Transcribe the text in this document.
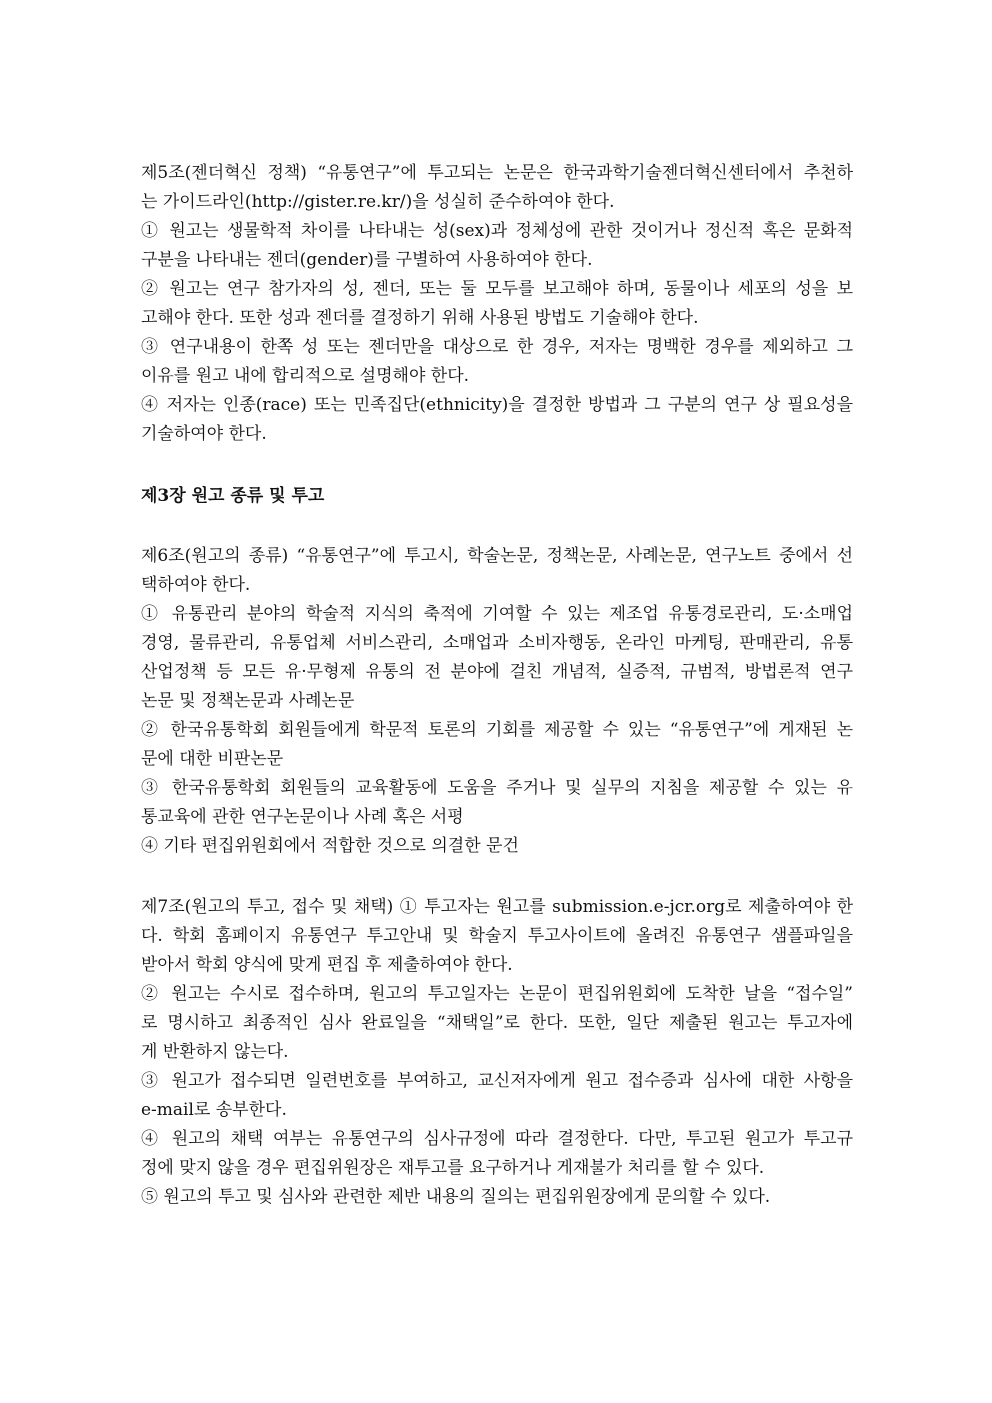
제5조(젠더혁신 정책) “유통연구”에 투고되는 논문은 한국과학기술젠더혁신센터에서 추천하
는 가이드라인(http://gister.re.kr/)을 성실히 준수하여야 한다.
① 원고는 생물학적 차이를 나타내는 성(sex)과 정체성에 관한 것이거나 정신적 혹은 문화적
구분을 나타내는 젠더(gender)를 구별하여 사용하여야 한다.
② 원고는 연구 참가자의 성, 젠더, 또는 둘 모두를 보고해야 하며, 동물이나 세포의 성을 보
고해야 한다. 또한 성과 젠더를 결정하기 위해 사용된 방법도 기술해야 한다.
③ 연구내용이 한쪽 성 또는 젠더만을 대상으로 한 경우, 저자는 명백한 경우를 제외하고 그
이유를 원고 내에 합리적으로 설명해야 한다.
④ 저자는 인종(race) 또는 민족집단(ethnicity)을 결정한 방법과 그 구분의 연구 상 필요성을
기술하여야 한다.
제3장 원고 종류 및 투고
제6조(원고의 종류) “유통연구”에 투고시, 학술논문, 정책논문, 사례논문, 연구노트 중에서 선
택하여야 한다.
① 유통관리 분야의 학술적 지식의 축적에 기여할 수 있는 제조업 유통경로관리, 도·소매업
경영, 물류관리, 유통업체 서비스관리, 소매업과 소비자행동, 온라인 마케팅, 판매관리, 유통
산업정책 등 모든 유·무형제 유통의 전 분야에 걸친 개념적, 실증적, 규범적, 방법론적 연구
논문 및 정책논문과 사례논문
② 한국유통학회 회원들에게 학문적 토론의 기회를 제공할 수 있는 “유통연구”에 게재된 논
문에 대한 비판논문
③ 한국유통학회 회원들의 교육활동에 도움을 주거나 및 실무의 지침을 제공할 수 있는 유
통교육에 관한 연구논문이나 사례 혹은 서평
④ 기타 편집위원회에서 적합한 것으로 의결한 문건
제7조(원고의 투고, 접수 및 채택) ① 투고자는 원고를 submission.e-jcr.org로 제출하여야 한
다. 학회 홈페이지 유통연구 투고안내 및 학술지 투고사이트에 올려진 유통연구 샘플파일을
받아서 학회 양식에 맞게 편집 후 제출하여야 한다.
② 원고는 수시로 접수하며, 원고의 투고일자는 논문이 편집위원회에 도착한 날을 “접수일”
로 명시하고 최종적인 심사 완료일을 “채택일”로 한다. 또한, 일단 제출된 원고는 투고자에
게 반환하지 않는다.
③ 원고가 접수되면 일련번호를 부여하고, 교신저자에게 원고 접수증과 심사에 대한 사항을
e-mail로 송부한다.
④ 원고의 채택 여부는 유통연구의 심사규정에 따라 결정한다. 다만, 투고된 원고가 투고규
정에 맞지 않을 경우 편집위원장은 재투고를 요구하거나 게재불가 처리를 할 수 있다.
⑤ 원고의 투고 및 심사와 관련한 제반 내용의 질의는 편집위원장에게 문의할 수 있다.
